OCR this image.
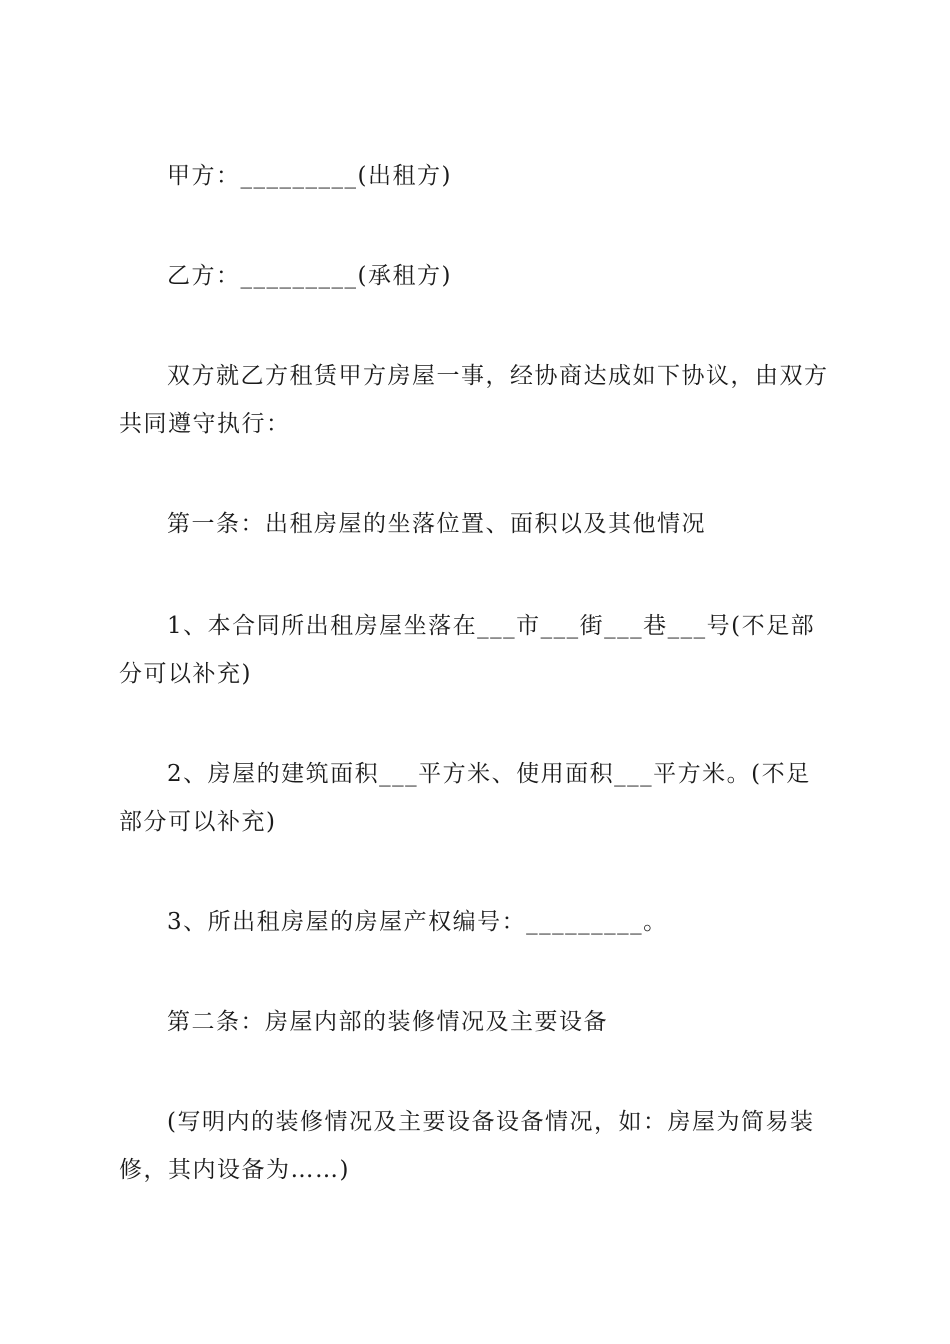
甲方：_________(出租方)

乙方：_________(承租方)

双方就乙方租赁甲方房屋一事，经协商达成如下协议，由双方共同遵守执行：

第一条：出租房屋的坐落位置、面积以及其他情况

1、本合同所出租房屋坐落在___市___街___巷___号(不足部分可以补充)

2、房屋的建筑面积___平方米、使用面积___平方米。(不足部分可以补充)

3、所出租房屋的房屋产权编号：_________。

第二条：房屋内部的装修情况及主要设备

(写明内的装修情况及主要设备设备情况，如：房屋为简易装修，其内设备为……)
